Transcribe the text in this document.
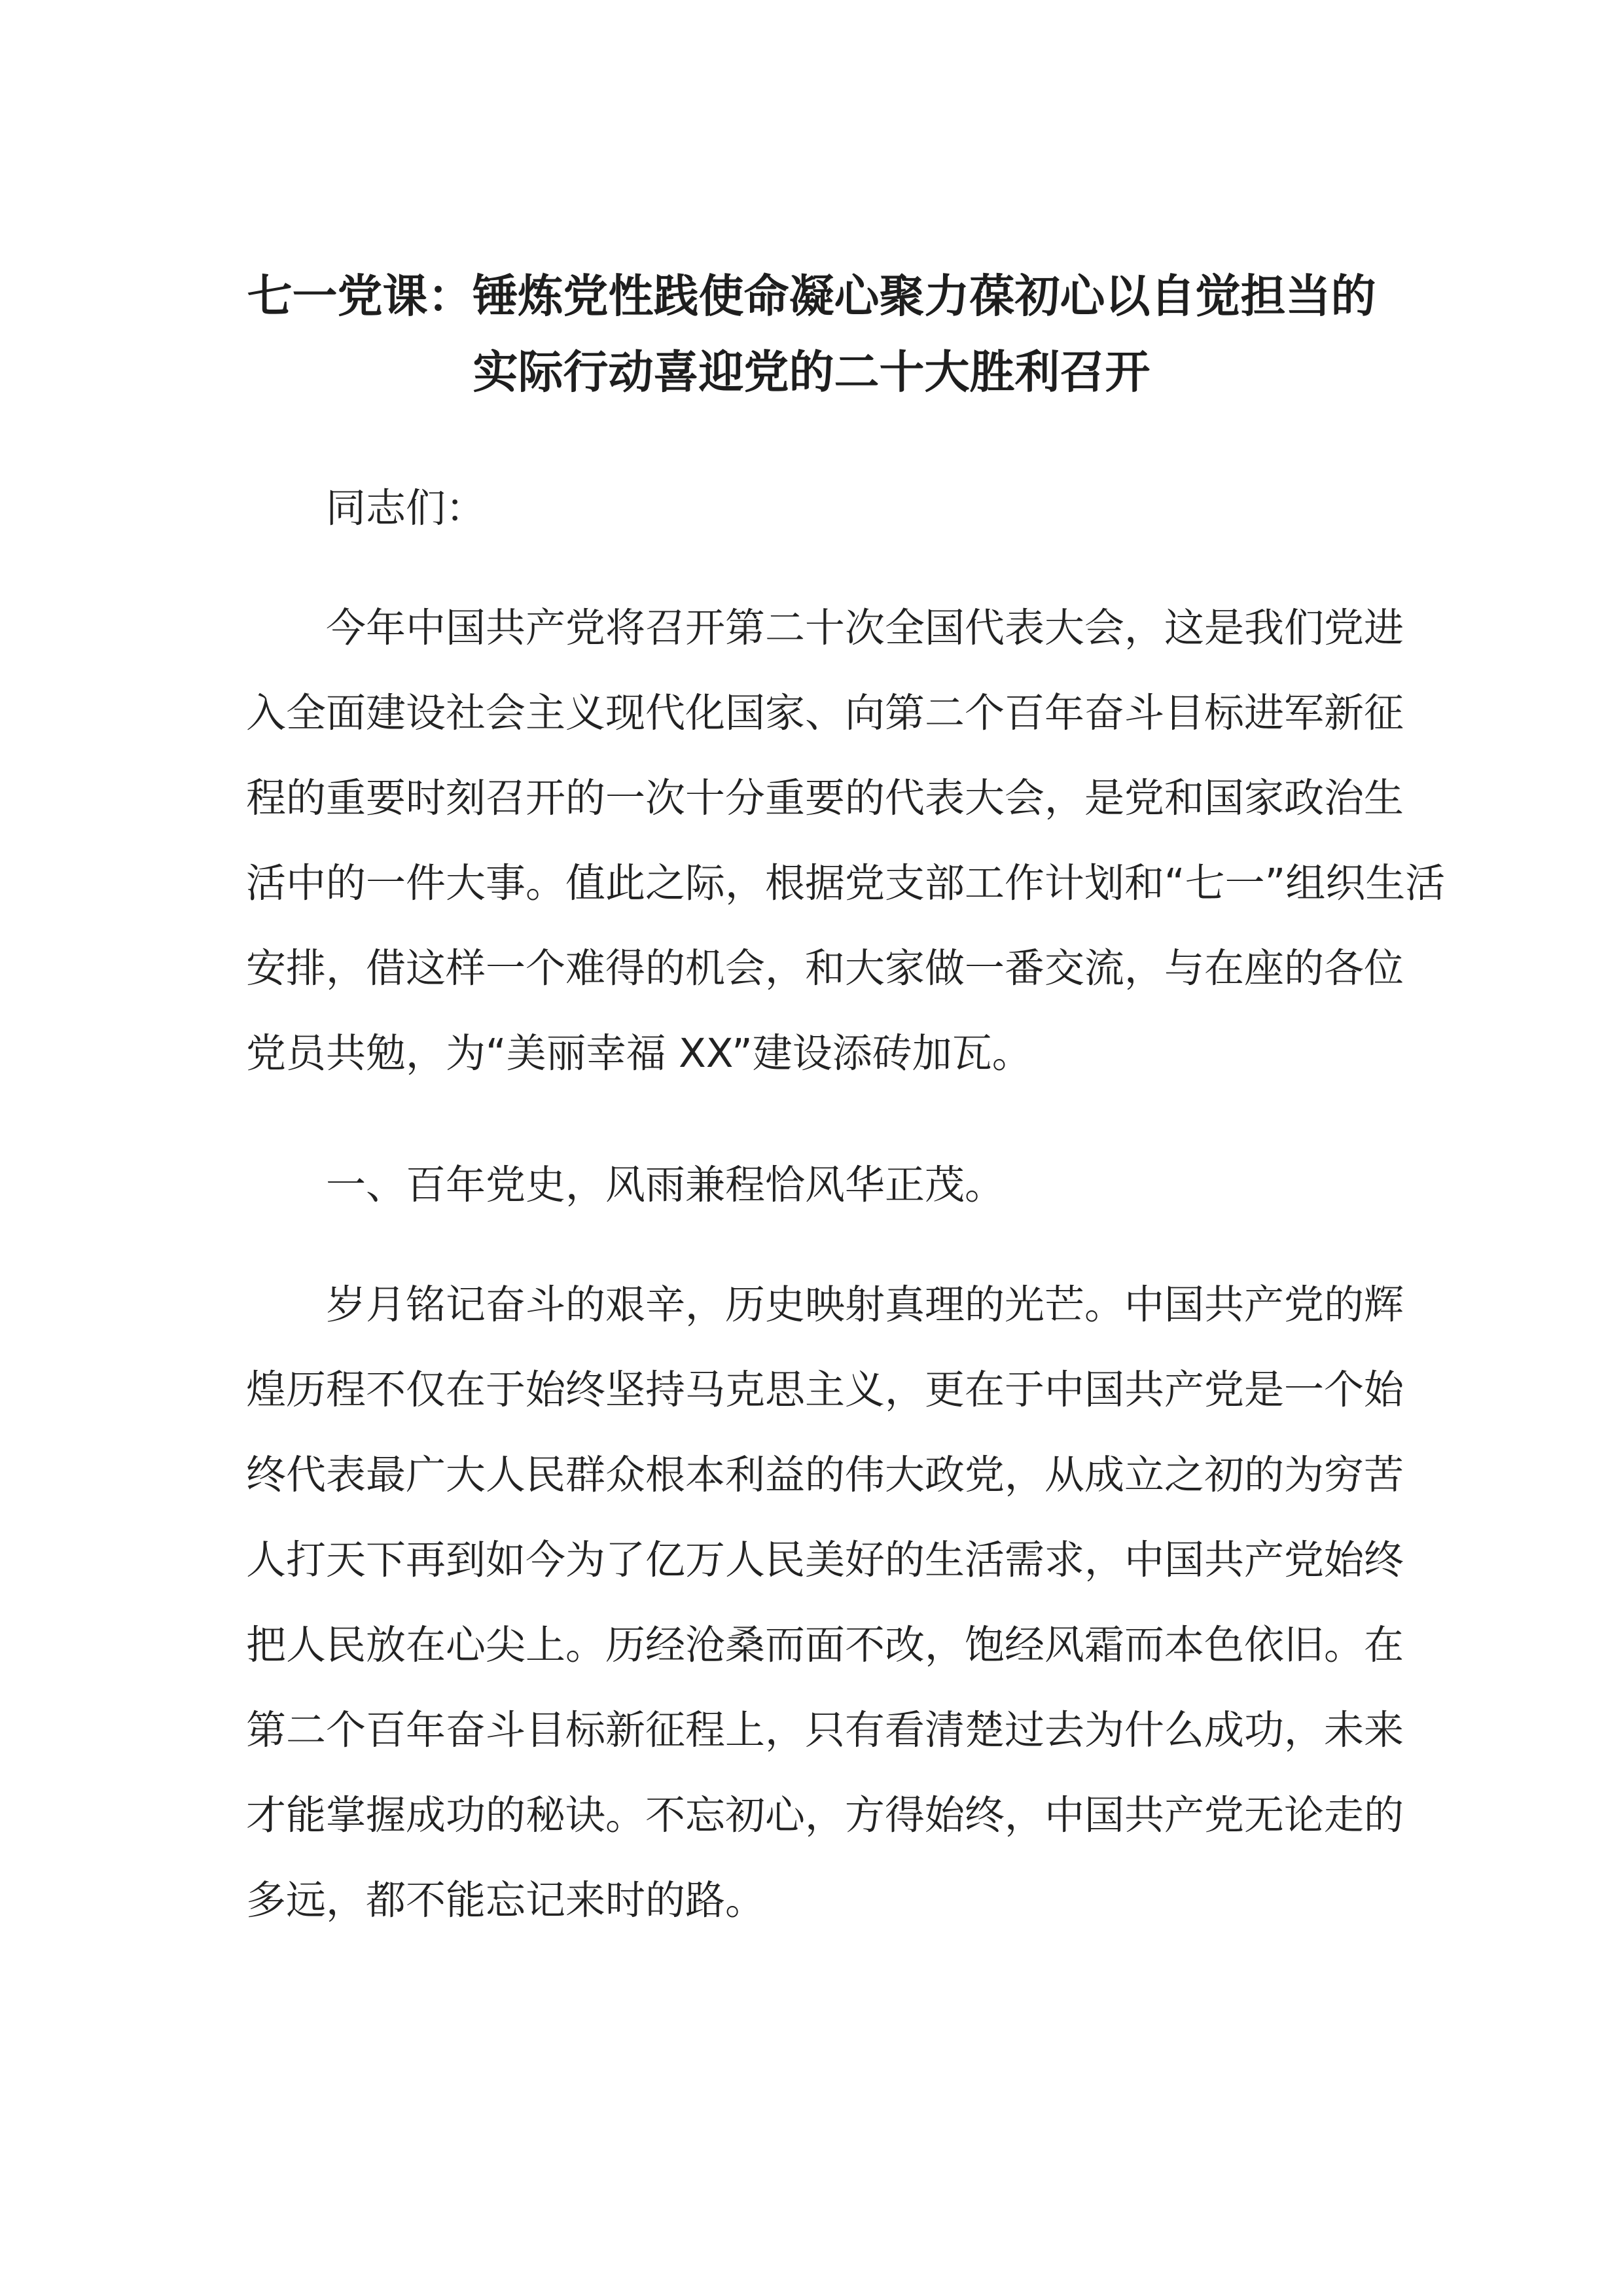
七一党课：锤炼党性践使命凝心聚力葆初心以自觉担当的
实际行动喜迎党的二十大胜利召开
同志们：
今年中国共产党将召开第二十次全国代表大会，这是我们党进
入全面建设社会主义现代化国家、向第二个百年奋斗目标进军新征
程的重要时刻召开的一次十分重要的代表大会，是党和国家政治生
活中的一件大事。值此之际，根据党支部工作计划和“七一”组织生活
安排，借这样一个难得的机会，和大家做一番交流，与在座的各位
党员共勉，为“美丽幸福 XX”建设添砖加瓦。
一、百年党史，风雨兼程恰风华正茂。
岁月铭记奋斗的艰辛，历史映射真理的光芒。中国共产党的辉
煌历程不仅在于始终坚持马克思主义，更在于中国共产党是一个始
终代表最广大人民群众根本利益的伟大政党，从成立之初的为穷苦
人打天下再到如今为了亿万人民美好的生活需求，中国共产党始终
把人民放在心尖上。历经沧桑而面不改，饱经风霜而本色依旧。在
第二个百年奋斗目标新征程上，只有看清楚过去为什么成功，未来
才能掌握成功的秘诀。不忘初心，方得始终，中国共产党无论走的
多远，都不能忘记来时的路。
